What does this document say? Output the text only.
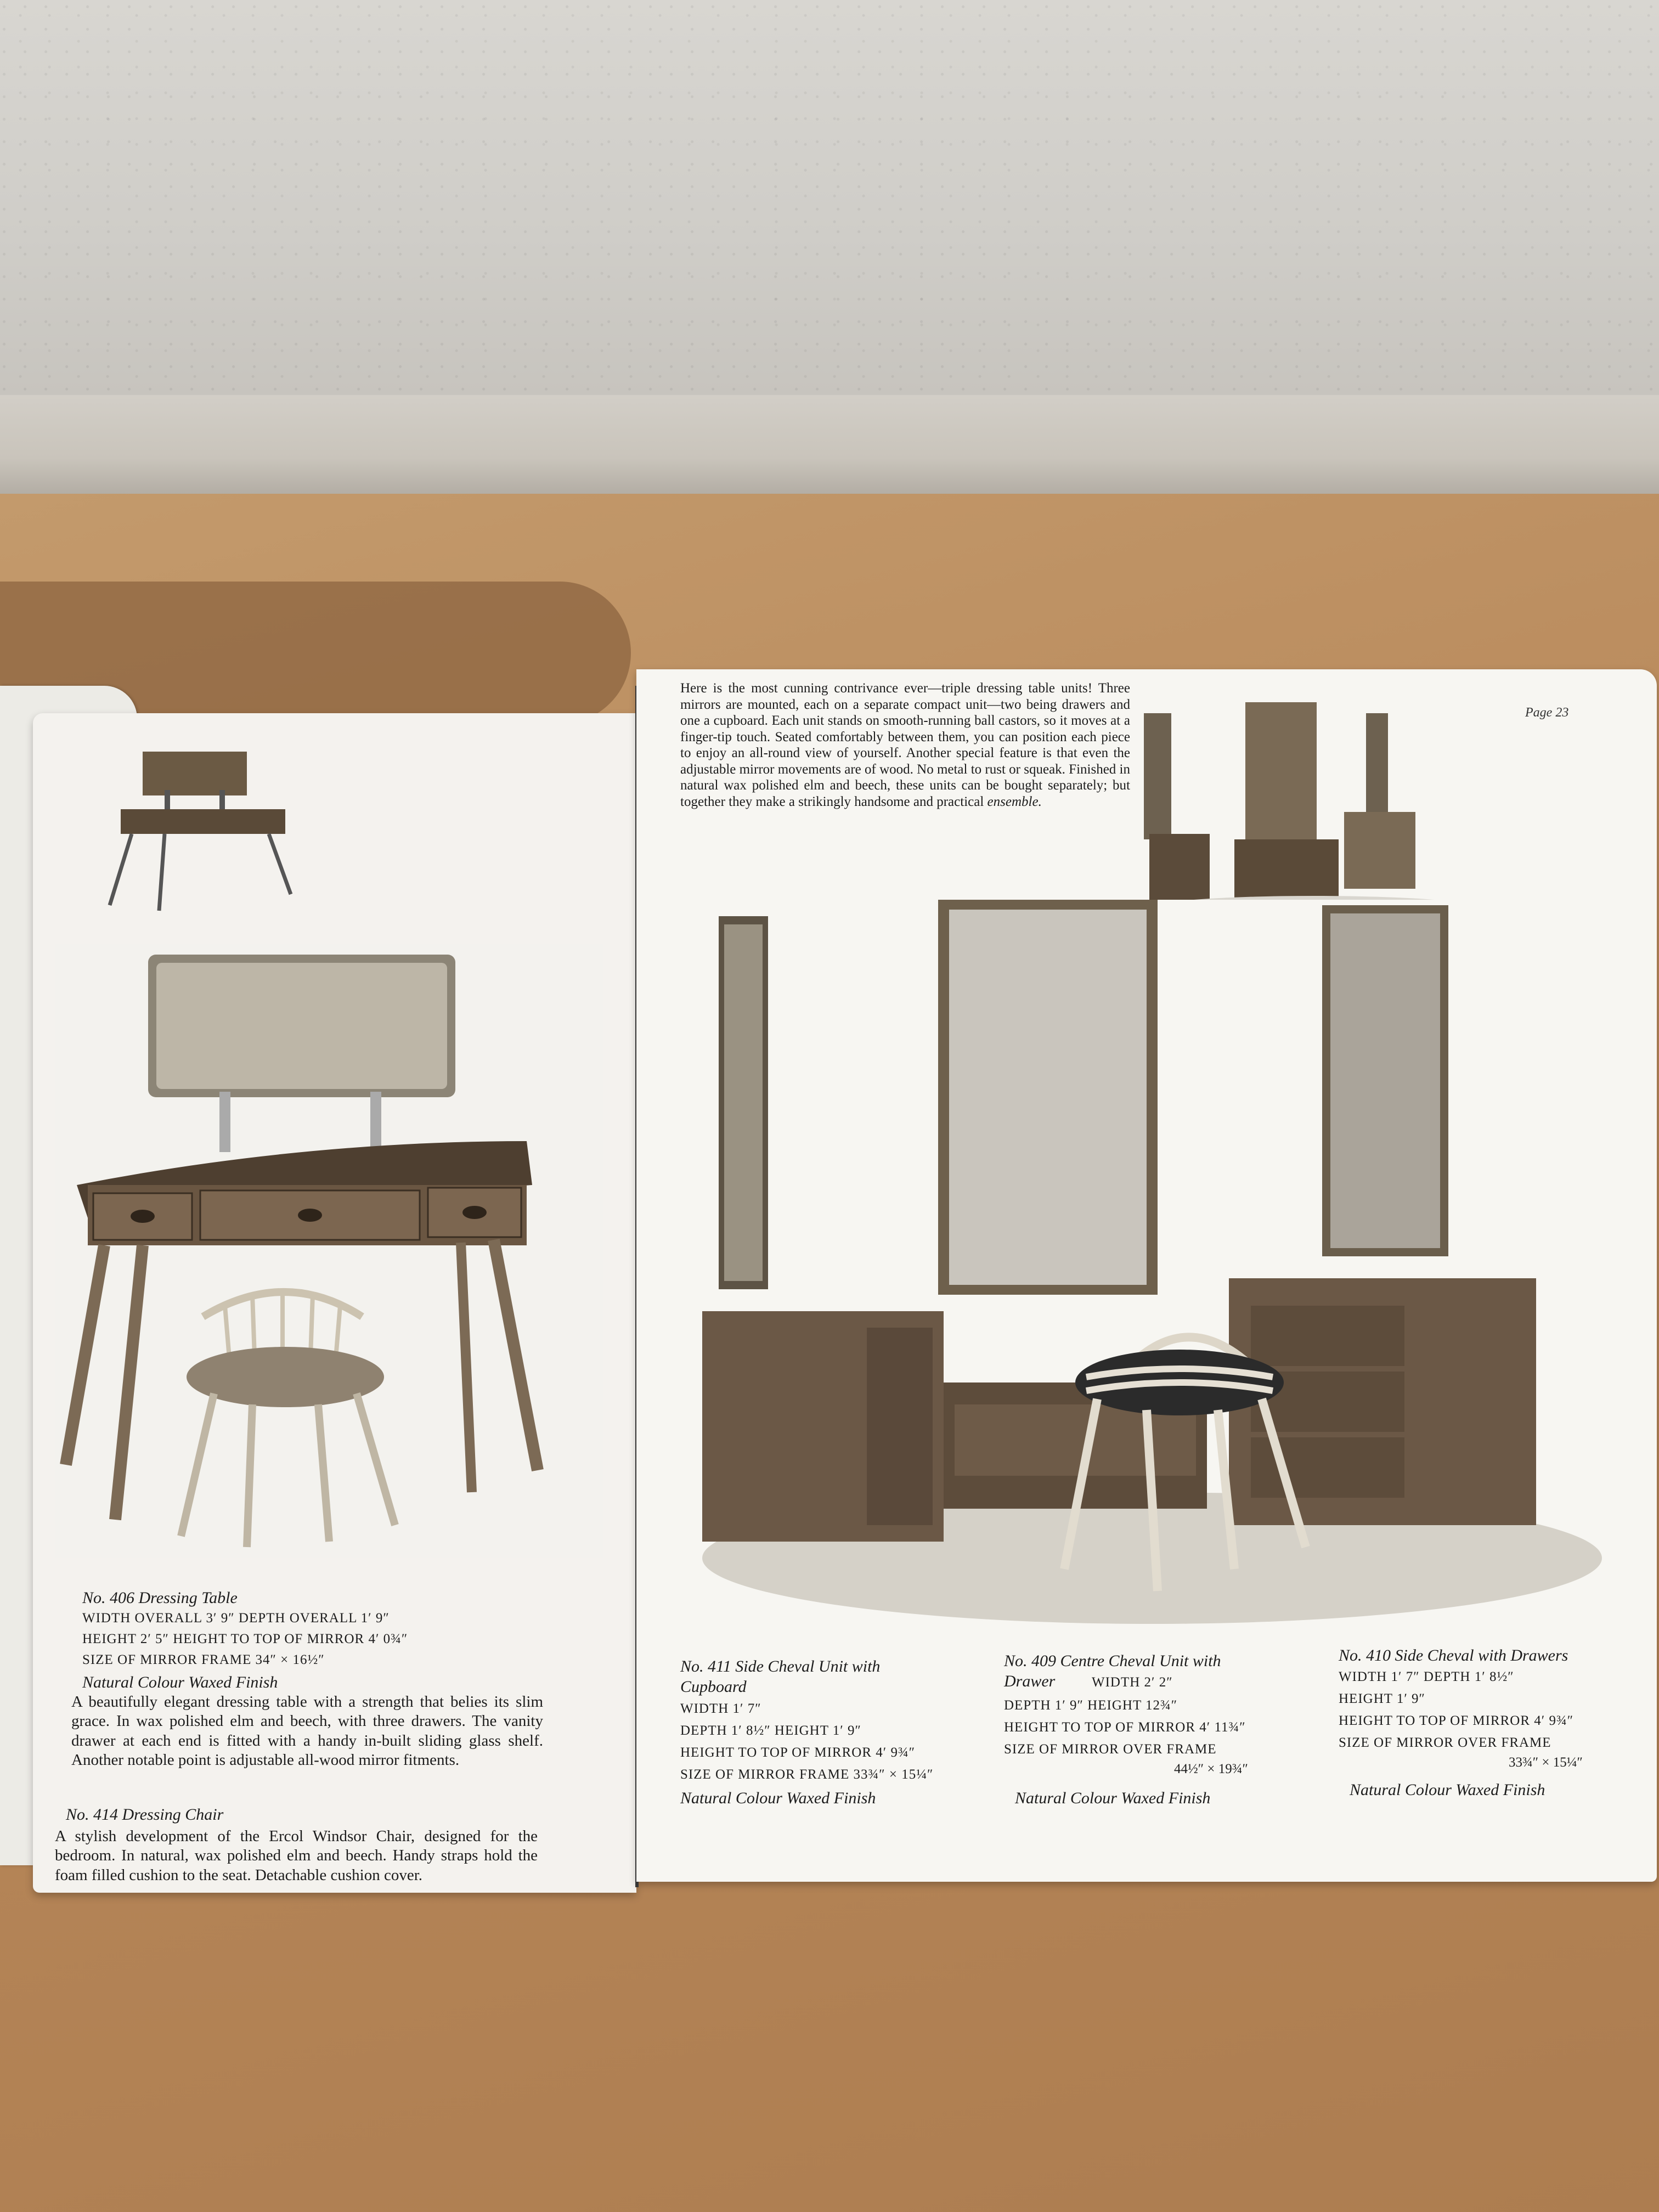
No. 406 Dressing Table
WIDTH OVERALL 3′ 9″ DEPTH OVERALL 1′ 9″
HEIGHT 2′ 5″ HEIGHT TO TOP OF MIRROR 4′ 0¾″
SIZE OF MIRROR FRAME 34″ × 16½″
Natural Colour Waxed Finish
A beautifully elegant dressing table with a strength that belies its slim grace. In wax polished elm and beech, with three drawers. The vanity drawer at each end is fitted with a handy in-built sliding glass shelf. Another notable point is adjustable all-wood mirror fitments.
No. 414 Dressing Chair
A stylish development of the Ercol Windsor Chair, designed for the bedroom. In natural, wax polished elm and beech. Handy straps hold the foam filled cushion to the seat. Detachable cushion cover.
Here is the most cunning contrivance ever—triple dressing table units! Three mirrors are mounted, each on a separate compact unit—two being drawers and one a cupboard. Each unit stands on smooth-running ball castors, so it moves at a finger-tip touch. Seated comfortably between them, you can position each piece to enjoy an all-round view of yourself. Another special feature is that even the adjustable mirror movements are of wood. No metal to rust or squeak. Finished in natural wax polished elm and beech, these units can be bought separately; but together they make a strikingly handsome and practical ensemble.
Page 23
No. 411 Side Cheval Unit with Cupboard
WIDTH 1′ 7″
DEPTH 1′ 8½″ HEIGHT 1′ 9″
HEIGHT TO TOP OF MIRROR 4′ 9¾″
SIZE OF MIRROR FRAME 33¾″ × 15¼″
Natural Colour Waxed Finish
No. 409 Centre Cheval Unit with Drawer	WIDTH 2′ 2″
DEPTH 1′ 9″ HEIGHT 12¾″
HEIGHT TO TOP OF MIRROR 4′ 11¾″
SIZE OF MIRROR OVER FRAME
44½″ × 19¾″
Natural Colour Waxed Finish
No. 410 Side Cheval with Drawers
WIDTH 1′ 7″ DEPTH 1′ 8½″
HEIGHT 1′ 9″
HEIGHT TO TOP OF MIRROR 4′ 9¾″
SIZE OF MIRROR OVER FRAME
33¾″ × 15¼″
Natural Colour Waxed Finish
